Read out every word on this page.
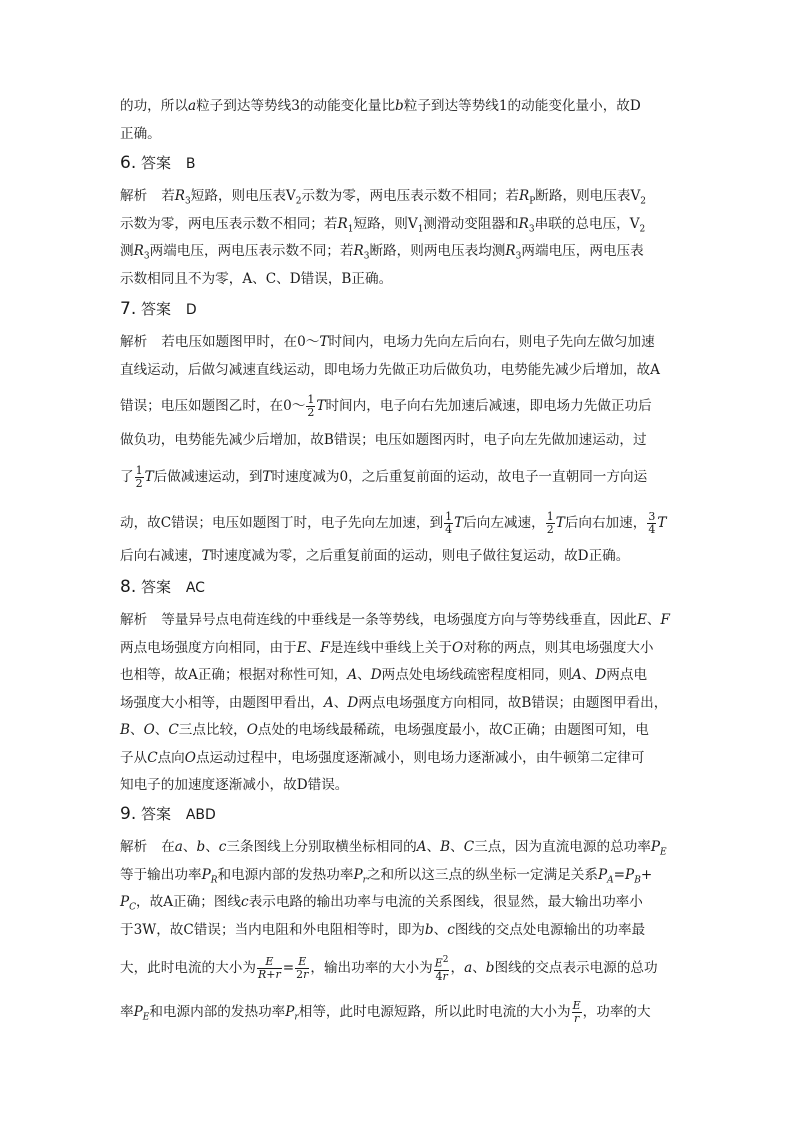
的功，所以a粒子到达等势线3的动能变化量比b粒子到达等势线1的动能变化量小，故D
正确。
6. 答案 B
解析 若$R_3$短路，则电压表$V_2$示数为零，两电压表示数不相同；若$R_P$断路，则电压表$V_2$
示数为零，两电压表示数不相同；若$R_1$短路，则$V_1$测滑动变阻器和$R_3$串联的总电压，$V_2$
测$R_3$两端电压，两电压表示数不同；若$R_3$断路，则两电压表均测$R_3$两端电压，两电压表
示数相同且不为零，A、C、D错误，B正确。
7. 答案 D
解析 若电压如题图甲时，在0～T时间内，电场力先向左后向右，则电子先向左做匀加速
直线运动，后做匀减速直线运动，即电场力先做正功后做负功，电势能先减少后增加，故A
错误；电压如题图乙时，在0～ $\frac{1}{2}$ T时间内，电子向右先加速后减速，即电场力先做正功后
做负功，电势能先减少后增加，故B错误；电压如题图丙时，电子向左先做加速运动，过
了 $\frac{1}{2}$ T后做减速运动，到T时速度减为0，之后重复前面的运动，故电子一直朝同一方向运
动，故C错误；电压如题图丁时，电子先向左加速，到 $\frac{1}{4}$ T后向左减速， $\frac{1}{2}$ T后向右加速， $\frac{3}{4}$ T
后向右减速，T时速度减为零，之后重复前面的运动，则电子做往复运动，故D正确。
8. 答案 AC
解析 等量异号点电荷连线的中垂线是一条等势线，电场强度方向与等势线垂直，因此E、F
两点电场强度方向相同，由于E、F是连线中垂线上关于O对称的两点，则其电场强度大小
也相等，故A正确；根据对称性可知，A、D两点处电场线疏密程度相同，则A、D两点电
场强度大小相等，由题图甲看出，A、D两点电场强度方向相同，故B错误；由题图甲看出，
B、O、C三点比较，O点处的电场线最稀疏，电场强度最小，故C正确；由题图可知，电
子从C点向O点运动过程中，电场强度逐渐减小，则电场力逐渐减小，由牛顿第二定律可
知电子的加速度逐渐减小，故D错误。
9. 答案 ABD
解析 在a、b、c三条图线上分别取横坐标相同的A、B、C三点，因为直流电源的总功率$P_E$
等于输出功率$P_R$和电源内部的发热功率$P_r$之和所以这三点的纵坐标一定满足关系$P_A=P_B+$
$P_C$，故A正确；图线c表示电路的输出功率与电流的关系图线，很显然，最大输出功率小
于3W，故C错误；当内电阻和外电阻相等时，即为b、c图线的交点处电源输出的功率最
大，此时电流的大小为 $\frac{E}{R+r} = \frac{E}{2r}$ ，输出功率的大小为 $\frac{E^2}{4r}$ ，a、b图线的交点表示电源的总功
率$P_E$和电源内部的发热功率$P_r$相等，此时电源短路，所以此时电流的大小为 $\frac{E}{r}$ ，功率的大
